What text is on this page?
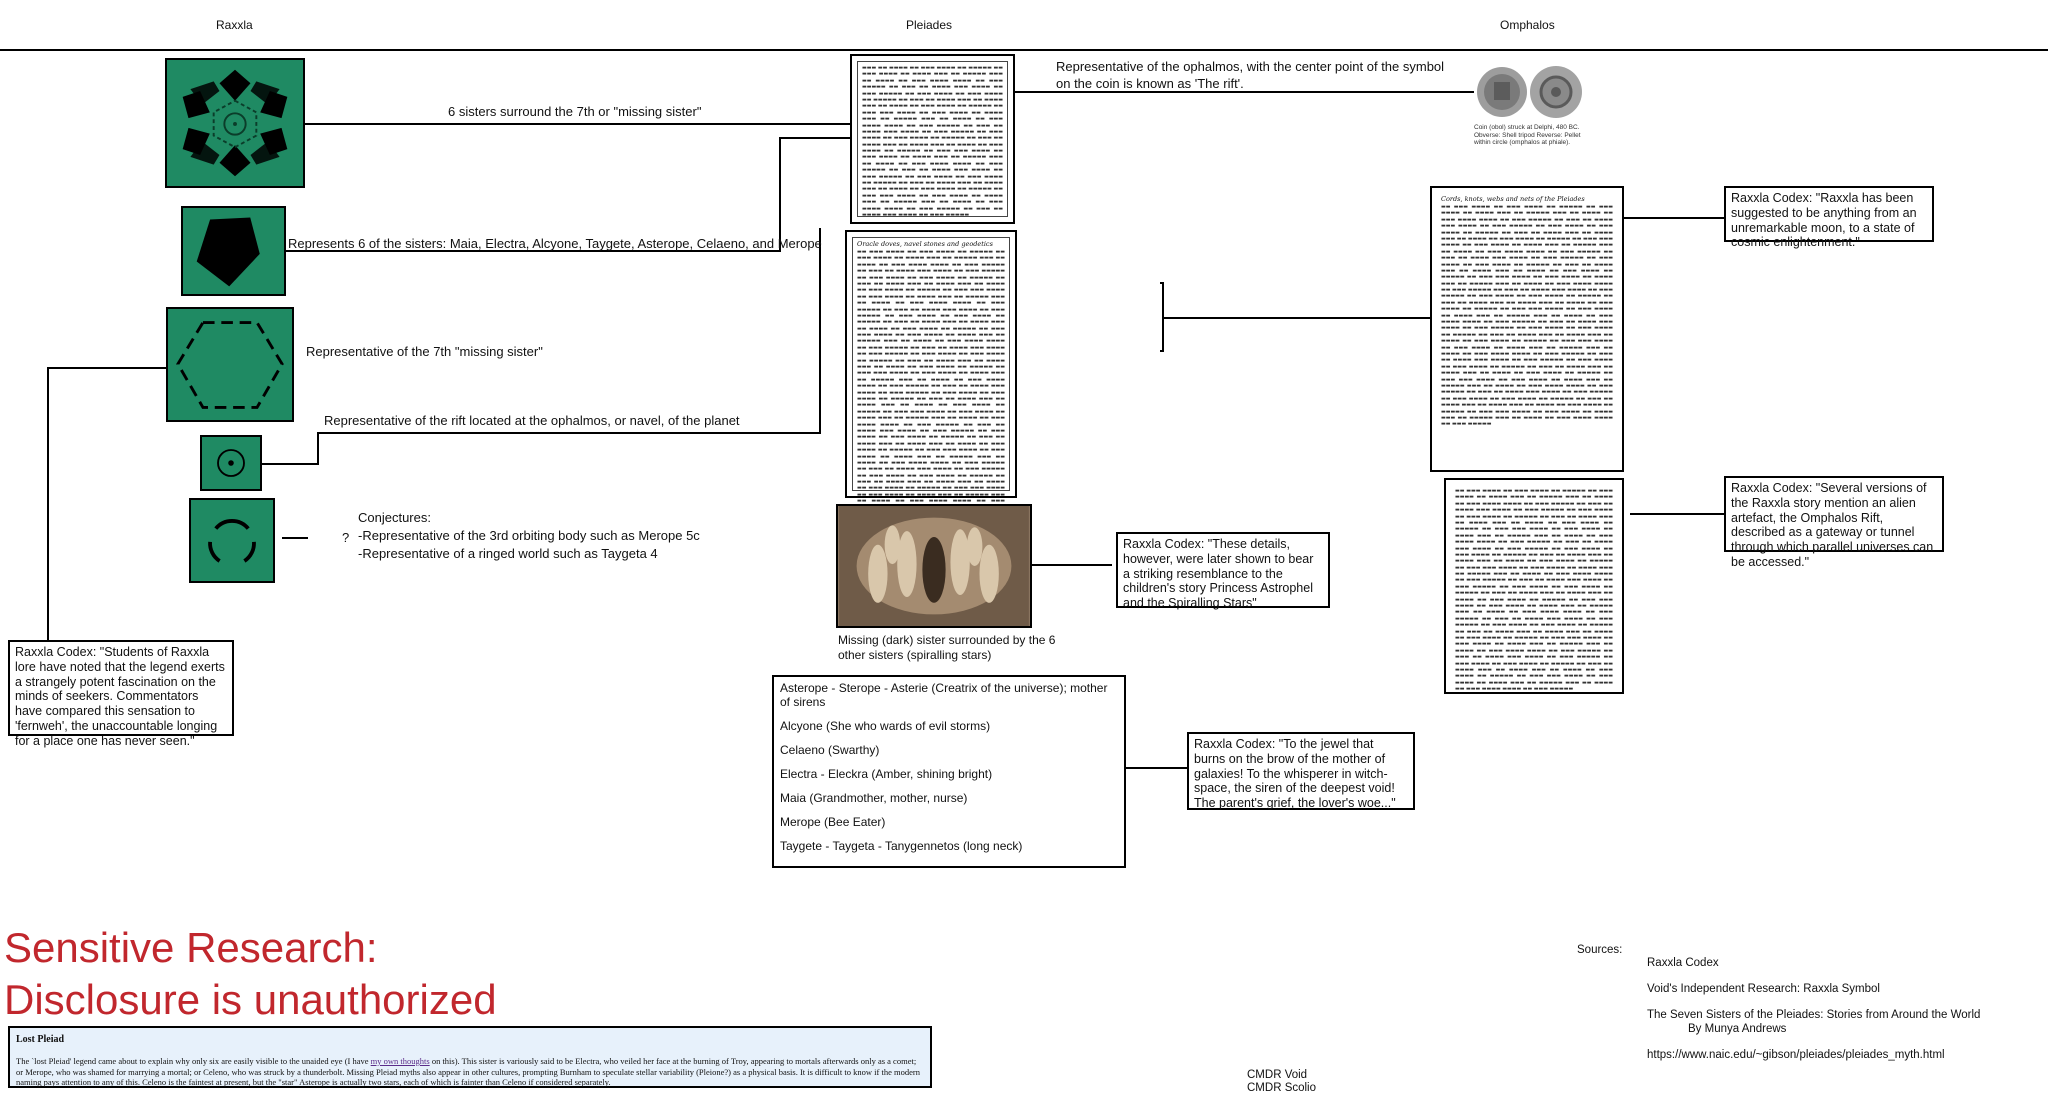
Raxxla	Pleiades	Omphalos
6 sisters surround the 7th or "missing sister"
Represents 6 of the sisters: Maia, Electra, Alcyone, Taygete, Asterope, Celaeno, and Merope
Representative of the 7th "missing sister"
Representative of the rift located at the ophalmos, or navel, of the planet
?
Conjectures:
-Representative of the 3rd orbiting body such as Merope 5c
-Representative of a ringed world such as Taygeta 4
Raxxla Codex: "Students of Raxxla lore have noted that the legend exerts a strangely potent fascination on the minds of seekers. Commentators have compared this sensation to 'fernweh', the unaccountable longing for a place one has never seen."
▬▬▬ ▬▬ ▬▬▬▬ ▬▬ ▬▬▬ ▬▬▬▬ ▬▬ ▬▬▬▬▬ ▬▬ ▬▬▬ ▬▬▬▬ ▬▬ ▬▬▬▬ ▬▬▬ ▬▬ ▬▬▬▬▬ ▬▬▬ ▬▬ ▬▬▬▬ ▬▬ ▬▬▬ ▬▬▬▬ ▬▬▬▬ ▬▬ ▬▬▬ ▬▬▬▬▬ ▬▬ ▬▬▬ ▬▬ ▬▬▬▬ ▬▬▬ ▬▬▬▬ ▬▬ ▬▬▬ ▬▬▬▬▬ ▬▬ ▬▬▬ ▬▬▬▬ ▬▬ ▬▬▬ ▬▬▬▬ ▬▬ ▬▬▬▬▬ ▬▬ ▬▬▬ ▬▬ ▬▬▬▬ ▬▬▬ ▬▬ ▬▬▬▬ ▬▬▬ ▬▬ ▬▬▬▬ ▬▬ ▬▬▬ ▬▬▬▬ ▬▬ ▬▬▬▬▬ ▬▬ ▬▬▬ ▬▬▬ ▬▬▬▬ ▬▬ ▬▬▬ ▬▬▬▬ ▬▬ ▬▬▬▬ ▬▬▬ ▬▬ ▬▬▬▬▬ ▬▬▬ ▬▬ ▬▬▬▬ ▬▬ ▬▬▬ ▬▬▬▬ ▬▬▬▬ ▬▬ ▬▬▬ ▬▬▬▬▬ ▬▬ ▬▬▬ ▬▬ ▬▬▬▬ ▬▬▬ ▬▬▬▬ ▬▬ ▬▬▬ ▬▬▬▬▬ ▬▬ ▬▬▬ ▬▬▬▬ ▬▬ ▬▬▬ ▬▬▬▬ ▬▬ ▬▬▬▬▬ ▬▬ ▬▬▬ ▬▬ ▬▬▬▬ ▬▬▬ ▬▬ ▬▬▬▬ ▬▬▬ ▬▬ ▬▬▬▬ ▬▬ ▬▬▬ ▬▬▬▬ ▬▬ ▬▬▬▬▬ ▬▬ ▬▬▬ ▬▬▬ ▬▬▬▬ ▬▬ ▬▬▬ ▬▬▬▬ ▬▬ ▬▬▬▬ ▬▬▬ ▬▬ ▬▬▬▬▬ ▬▬▬ ▬▬ ▬▬▬▬ ▬▬ ▬▬▬ ▬▬▬▬ ▬▬▬▬ ▬▬ ▬▬▬ ▬▬▬▬▬ ▬▬ ▬▬▬ ▬▬ ▬▬▬▬ ▬▬▬ ▬▬▬▬ ▬▬ ▬▬▬ ▬▬▬▬▬ ▬▬ ▬▬▬ ▬▬▬▬ ▬▬ ▬▬▬ ▬▬▬▬ ▬▬ ▬▬▬▬▬ ▬▬ ▬▬▬ ▬▬ ▬▬▬▬ ▬▬▬ ▬▬ ▬▬▬▬ ▬▬▬ ▬▬ ▬▬▬▬ ▬▬ ▬▬▬ ▬▬▬▬ ▬▬ ▬▬▬▬▬ ▬▬ ▬▬▬ ▬▬▬ ▬▬▬▬ ▬▬ ▬▬▬ ▬▬▬▬ ▬▬ ▬▬▬▬ ▬▬▬ ▬▬ ▬▬▬▬▬ ▬▬▬ ▬▬ ▬▬▬▬ ▬▬ ▬▬▬ ▬▬▬▬ ▬▬▬▬ ▬▬ ▬▬▬ ▬▬▬▬▬ ▬▬ ▬▬▬ ▬▬ ▬▬▬▬ ▬▬▬ ▬▬▬▬ ▬▬ ▬▬▬ ▬▬▬▬▬
Oracle doves, navel stones and geodetics
▬▬ ▬▬▬ ▬▬▬▬ ▬▬ ▬▬▬ ▬▬▬▬ ▬▬ ▬▬▬▬▬ ▬▬ ▬▬▬ ▬▬▬▬ ▬▬ ▬▬▬▬ ▬▬▬ ▬▬ ▬▬▬▬▬ ▬▬▬ ▬▬ ▬▬▬▬ ▬▬ ▬▬▬ ▬▬▬▬ ▬▬▬▬ ▬▬ ▬▬▬ ▬▬▬▬▬ ▬▬ ▬▬▬ ▬▬ ▬▬▬▬ ▬▬▬ ▬▬▬▬ ▬▬ ▬▬▬ ▬▬▬▬▬ ▬▬ ▬▬▬ ▬▬▬▬ ▬▬ ▬▬▬ ▬▬▬▬ ▬▬ ▬▬▬▬▬ ▬▬ ▬▬▬ ▬▬ ▬▬▬▬ ▬▬▬ ▬▬ ▬▬▬▬ ▬▬▬ ▬▬ ▬▬▬▬ ▬▬ ▬▬▬ ▬▬▬▬ ▬▬ ▬▬▬▬▬ ▬▬ ▬▬▬ ▬▬▬ ▬▬▬▬ ▬▬ ▬▬▬ ▬▬▬▬ ▬▬ ▬▬▬▬ ▬▬▬ ▬▬ ▬▬▬▬▬ ▬▬▬ ▬▬ ▬▬▬▬ ▬▬ ▬▬▬ ▬▬▬▬ ▬▬▬▬ ▬▬ ▬▬▬ ▬▬▬▬▬ ▬▬ ▬▬▬ ▬▬ ▬▬▬▬ ▬▬▬ ▬▬▬▬ ▬▬ ▬▬▬ ▬▬▬▬▬ ▬▬ ▬▬▬ ▬▬▬▬ ▬▬ ▬▬▬ ▬▬▬▬ ▬▬ ▬▬▬▬▬ ▬▬ ▬▬▬ ▬▬ ▬▬▬▬ ▬▬▬ ▬▬ ▬▬▬▬ ▬▬▬ ▬▬ ▬▬▬▬ ▬▬ ▬▬▬ ▬▬▬▬ ▬▬ ▬▬▬▬▬ ▬▬ ▬▬▬ ▬▬▬ ▬▬▬▬ ▬▬ ▬▬▬ ▬▬▬▬ ▬▬ ▬▬▬▬ ▬▬▬ ▬▬ ▬▬▬▬▬ ▬▬▬ ▬▬ ▬▬▬▬ ▬▬ ▬▬▬ ▬▬▬▬ ▬▬▬▬ ▬▬ ▬▬▬ ▬▬▬▬▬ ▬▬ ▬▬▬ ▬▬ ▬▬▬▬ ▬▬▬ ▬▬▬▬ ▬▬ ▬▬▬ ▬▬▬▬▬ ▬▬ ▬▬▬ ▬▬▬▬ ▬▬ ▬▬▬ ▬▬▬▬ ▬▬ ▬▬▬▬▬ ▬▬ ▬▬▬ ▬▬ ▬▬▬▬ ▬▬▬ ▬▬ ▬▬▬▬ ▬▬▬ ▬▬ ▬▬▬▬ ▬▬ ▬▬▬ ▬▬▬▬ ▬▬ ▬▬▬▬▬ ▬▬ ▬▬▬ ▬▬▬ ▬▬▬▬ ▬▬ ▬▬▬ ▬▬▬▬ ▬▬ ▬▬▬▬ ▬▬▬ ▬▬ ▬▬▬▬▬ ▬▬▬ ▬▬ ▬▬▬▬ ▬▬ ▬▬▬ ▬▬▬▬ ▬▬▬▬ ▬▬ ▬▬▬ ▬▬▬▬▬ ▬▬ ▬▬▬ ▬▬ ▬▬▬▬ ▬▬▬ ▬▬▬▬ ▬▬ ▬▬▬ ▬▬▬▬▬ ▬▬ ▬▬▬ ▬▬▬▬ ▬▬ ▬▬▬ ▬▬▬▬ ▬▬ ▬▬▬▬▬ ▬▬ ▬▬▬ ▬▬ ▬▬▬▬ ▬▬▬ ▬▬ ▬▬▬▬ ▬▬▬ ▬▬ ▬▬▬▬ ▬▬ ▬▬▬ ▬▬▬▬ ▬▬ ▬▬▬▬▬ ▬▬ ▬▬▬ ▬▬▬ ▬▬▬▬ ▬▬ ▬▬▬ ▬▬▬▬ ▬▬ ▬▬▬▬ ▬▬▬ ▬▬ ▬▬▬▬▬ ▬▬▬ ▬▬ ▬▬▬▬ ▬▬ ▬▬▬ ▬▬▬▬ ▬▬▬▬ ▬▬ ▬▬▬ ▬▬▬▬▬ ▬▬ ▬▬▬ ▬▬ ▬▬▬▬ ▬▬▬ ▬▬▬▬ ▬▬ ▬▬▬ ▬▬▬▬▬ ▬▬ ▬▬▬ ▬▬▬▬ ▬▬ ▬▬▬ ▬▬▬▬ ▬▬ ▬▬▬▬▬ ▬▬ ▬▬▬ ▬▬ ▬▬▬▬ ▬▬▬ ▬▬ ▬▬▬▬ ▬▬▬ ▬▬ ▬▬▬▬ ▬▬ ▬▬▬ ▬▬▬▬ ▬▬ ▬▬▬▬▬ ▬▬ ▬▬▬ ▬▬▬ ▬▬▬▬ ▬▬ ▬▬▬ ▬▬▬▬ ▬▬ ▬▬▬▬ ▬▬▬ ▬▬ ▬▬▬▬▬ ▬▬▬ ▬▬ ▬▬▬▬ ▬▬ ▬▬▬ ▬▬▬▬ ▬▬▬▬ ▬▬ ▬▬▬ ▬▬▬▬▬ ▬▬ ▬▬▬ ▬▬ ▬▬▬▬ ▬▬▬ ▬▬▬▬ ▬▬ ▬▬▬ ▬▬▬▬▬ ▬▬ ▬▬▬ ▬▬▬▬ ▬▬ ▬▬▬ ▬▬▬▬ ▬▬ ▬▬▬▬▬ ▬▬ ▬▬▬ ▬▬ ▬▬▬▬ ▬▬▬ ▬▬ ▬▬▬▬ ▬▬▬ ▬▬ ▬▬▬▬ ▬▬ ▬▬▬ ▬▬▬▬ ▬▬ ▬▬▬▬▬ ▬▬ ▬▬▬ ▬▬▬ ▬▬▬▬ ▬▬ ▬▬▬ ▬▬▬▬ ▬▬ ▬▬▬▬ ▬▬▬ ▬▬ ▬▬▬▬▬ ▬▬▬ ▬▬ ▬▬▬▬ ▬▬ ▬▬▬ ▬▬▬▬ ▬▬▬▬ ▬▬ ▬▬▬
Missing (dark) sister surrounded by the 6 other sisters (spiralling stars)
Raxxla Codex: "These details, however, were later shown to bear a striking resemblance to the children's story Princess Astrophel and the Spiralling Stars"
Asterope - Sterope - Asterie (Creatrix of the universe); mother of sirens
Alcyone (She who wards of evil storms)
Celaeno (Swarthy)
Electra - Eleckra (Amber, shining bright)
Maia (Grandmother, mother, nurse)
Merope (Bee Eater)
Taygete - Taygeta - Tanygennetos (long neck)
Raxxla Codex: "To the jewel that burns on the brow of the mother of galaxies! To the whisperer in witch-space, the siren of the deepest void! The parent's grief, the lover's woe..."
Representative of the ophalmos, with the center point of the symbol on the coin is known as 'The rift'.
Coin (obol) struck at Delphi, 480 BC. Obverse: Shell tripod Reverse: Pellet within circle (omphalos at phiale).
Cords, knots, webs and nets of the Pleiades
▬▬ ▬▬▬ ▬▬▬▬ ▬▬ ▬▬▬ ▬▬▬▬ ▬▬ ▬▬▬▬▬ ▬▬ ▬▬▬ ▬▬▬▬ ▬▬ ▬▬▬▬ ▬▬▬ ▬▬ ▬▬▬▬▬ ▬▬▬ ▬▬ ▬▬▬▬ ▬▬ ▬▬▬ ▬▬▬▬ ▬▬▬▬ ▬▬ ▬▬▬ ▬▬▬▬▬ ▬▬ ▬▬▬ ▬▬ ▬▬▬▬ ▬▬▬ ▬▬▬▬ ▬▬ ▬▬▬ ▬▬▬▬▬ ▬▬ ▬▬▬ ▬▬▬▬ ▬▬ ▬▬▬ ▬▬▬▬ ▬▬ ▬▬▬▬▬ ▬▬ ▬▬▬ ▬▬ ▬▬▬▬ ▬▬▬ ▬▬ ▬▬▬▬ ▬▬▬ ▬▬ ▬▬▬▬ ▬▬ ▬▬▬ ▬▬▬▬ ▬▬ ▬▬▬▬▬ ▬▬ ▬▬▬ ▬▬▬ ▬▬▬▬ ▬▬ ▬▬▬ ▬▬▬▬ ▬▬ ▬▬▬▬ ▬▬▬ ▬▬ ▬▬▬▬▬ ▬▬▬ ▬▬ ▬▬▬▬ ▬▬ ▬▬▬ ▬▬▬▬ ▬▬▬▬ ▬▬ ▬▬▬ ▬▬▬▬▬ ▬▬ ▬▬▬ ▬▬ ▬▬▬▬ ▬▬▬ ▬▬▬▬ ▬▬ ▬▬▬ ▬▬▬▬▬ ▬▬ ▬▬▬ ▬▬▬▬ ▬▬ ▬▬▬ ▬▬▬▬ ▬▬ ▬▬▬▬▬ ▬▬ ▬▬▬ ▬▬ ▬▬▬▬ ▬▬▬ ▬▬ ▬▬▬▬ ▬▬▬ ▬▬ ▬▬▬▬ ▬▬ ▬▬▬ ▬▬▬▬ ▬▬ ▬▬▬▬▬ ▬▬ ▬▬▬ ▬▬▬ ▬▬▬▬ ▬▬ ▬▬▬ ▬▬▬▬ ▬▬ ▬▬▬▬ ▬▬▬ ▬▬ ▬▬▬▬▬ ▬▬▬ ▬▬ ▬▬▬▬ ▬▬ ▬▬▬ ▬▬▬▬ ▬▬▬▬ ▬▬ ▬▬▬ ▬▬▬▬▬ ▬▬ ▬▬▬ ▬▬ ▬▬▬▬ ▬▬▬ ▬▬▬▬ ▬▬ ▬▬▬ ▬▬▬▬▬ ▬▬ ▬▬▬ ▬▬▬▬ ▬▬ ▬▬▬ ▬▬▬▬ ▬▬ ▬▬▬▬▬ ▬▬ ▬▬▬ ▬▬ ▬▬▬▬ ▬▬▬ ▬▬ ▬▬▬▬ ▬▬▬ ▬▬ ▬▬▬▬ ▬▬ ▬▬▬ ▬▬▬▬ ▬▬ ▬▬▬▬▬ ▬▬ ▬▬▬ ▬▬▬ ▬▬▬▬ ▬▬ ▬▬▬ ▬▬▬▬ ▬▬ ▬▬▬▬ ▬▬▬ ▬▬ ▬▬▬▬▬ ▬▬▬ ▬▬ ▬▬▬▬ ▬▬ ▬▬▬ ▬▬▬▬ ▬▬▬▬ ▬▬ ▬▬▬ ▬▬▬▬▬ ▬▬ ▬▬▬ ▬▬ ▬▬▬▬ ▬▬▬ ▬▬▬▬ ▬▬ ▬▬▬ ▬▬▬▬▬ ▬▬ ▬▬▬ ▬▬▬▬ ▬▬ ▬▬▬ ▬▬▬▬ ▬▬ ▬▬▬▬▬ ▬▬ ▬▬▬ ▬▬ ▬▬▬▬ ▬▬▬ ▬▬ ▬▬▬▬ ▬▬▬ ▬▬ ▬▬▬▬ ▬▬ ▬▬▬ ▬▬▬▬ ▬▬ ▬▬▬▬▬ ▬▬ ▬▬▬ ▬▬▬ ▬▬▬▬ ▬▬ ▬▬▬ ▬▬▬▬ ▬▬ ▬▬▬▬ ▬▬▬ ▬▬ ▬▬▬▬▬ ▬▬▬ ▬▬ ▬▬▬▬ ▬▬ ▬▬▬ ▬▬▬▬ ▬▬▬▬ ▬▬ ▬▬▬ ▬▬▬▬▬ ▬▬ ▬▬▬ ▬▬ ▬▬▬▬ ▬▬▬ ▬▬▬▬ ▬▬ ▬▬▬ ▬▬▬▬▬ ▬▬ ▬▬▬ ▬▬▬▬ ▬▬ ▬▬▬ ▬▬▬▬ ▬▬ ▬▬▬▬▬ ▬▬ ▬▬▬ ▬▬ ▬▬▬▬ ▬▬▬ ▬▬ ▬▬▬▬ ▬▬▬ ▬▬ ▬▬▬▬ ▬▬ ▬▬▬ ▬▬▬▬ ▬▬ ▬▬▬▬▬ ▬▬ ▬▬▬ ▬▬▬ ▬▬▬▬ ▬▬ ▬▬▬ ▬▬▬▬ ▬▬ ▬▬▬▬ ▬▬▬ ▬▬ ▬▬▬▬▬ ▬▬▬ ▬▬ ▬▬▬▬ ▬▬ ▬▬▬ ▬▬▬▬ ▬▬▬▬ ▬▬ ▬▬▬ ▬▬▬▬▬ ▬▬ ▬▬▬ ▬▬ ▬▬▬▬ ▬▬▬ ▬▬▬▬ ▬▬ ▬▬▬ ▬▬▬▬▬ ▬▬ ▬▬▬ ▬▬▬▬ ▬▬ ▬▬▬ ▬▬▬▬ ▬▬ ▬▬▬▬▬ ▬▬ ▬▬▬ ▬▬ ▬▬▬▬ ▬▬▬ ▬▬ ▬▬▬▬ ▬▬▬ ▬▬ ▬▬▬▬ ▬▬ ▬▬▬ ▬▬▬▬ ▬▬ ▬▬▬▬▬ ▬▬ ▬▬▬ ▬▬▬ ▬▬▬▬ ▬▬ ▬▬▬ ▬▬▬▬ ▬▬ ▬▬▬▬ ▬▬▬ ▬▬ ▬▬▬▬▬ ▬▬▬ ▬▬ ▬▬▬▬ ▬▬ ▬▬▬ ▬▬▬▬ ▬▬▬▬ ▬▬ ▬▬▬ ▬▬▬▬▬
▬▬ ▬▬▬ ▬▬▬▬ ▬▬ ▬▬▬ ▬▬▬▬ ▬▬ ▬▬▬▬▬ ▬▬ ▬▬▬ ▬▬▬▬ ▬▬ ▬▬▬▬ ▬▬▬ ▬▬ ▬▬▬▬▬ ▬▬▬ ▬▬ ▬▬▬▬ ▬▬ ▬▬▬ ▬▬▬▬ ▬▬▬▬ ▬▬ ▬▬▬ ▬▬▬▬▬ ▬▬ ▬▬▬ ▬▬ ▬▬▬▬ ▬▬▬ ▬▬▬▬ ▬▬ ▬▬▬ ▬▬▬▬▬ ▬▬ ▬▬▬ ▬▬▬▬ ▬▬ ▬▬▬ ▬▬▬▬ ▬▬ ▬▬▬▬▬ ▬▬ ▬▬▬ ▬▬ ▬▬▬▬ ▬▬▬ ▬▬ ▬▬▬▬ ▬▬▬ ▬▬ ▬▬▬▬ ▬▬ ▬▬▬ ▬▬▬▬ ▬▬ ▬▬▬▬▬ ▬▬ ▬▬▬ ▬▬▬ ▬▬▬▬ ▬▬ ▬▬▬ ▬▬▬▬ ▬▬ ▬▬▬▬ ▬▬▬ ▬▬ ▬▬▬▬▬ ▬▬▬ ▬▬ ▬▬▬▬ ▬▬ ▬▬▬ ▬▬▬▬ ▬▬▬▬ ▬▬ ▬▬▬ ▬▬▬▬▬ ▬▬ ▬▬▬ ▬▬ ▬▬▬▬ ▬▬▬ ▬▬▬▬ ▬▬ ▬▬▬ ▬▬▬▬▬ ▬▬ ▬▬▬ ▬▬▬▬ ▬▬ ▬▬▬ ▬▬▬▬ ▬▬ ▬▬▬▬▬ ▬▬ ▬▬▬ ▬▬ ▬▬▬▬ ▬▬▬ ▬▬ ▬▬▬▬ ▬▬▬ ▬▬ ▬▬▬▬ ▬▬ ▬▬▬ ▬▬▬▬ ▬▬ ▬▬▬▬▬ ▬▬ ▬▬▬ ▬▬▬ ▬▬▬▬ ▬▬ ▬▬▬ ▬▬▬▬ ▬▬ ▬▬▬▬ ▬▬▬ ▬▬ ▬▬▬▬▬ ▬▬▬ ▬▬ ▬▬▬▬ ▬▬ ▬▬▬ ▬▬▬▬ ▬▬▬▬ ▬▬ ▬▬▬ ▬▬▬▬▬ ▬▬ ▬▬▬ ▬▬ ▬▬▬▬ ▬▬▬ ▬▬▬▬ ▬▬ ▬▬▬ ▬▬▬▬▬ ▬▬ ▬▬▬ ▬▬▬▬ ▬▬ ▬▬▬ ▬▬▬▬ ▬▬ ▬▬▬▬▬ ▬▬ ▬▬▬ ▬▬ ▬▬▬▬ ▬▬▬ ▬▬ ▬▬▬▬ ▬▬▬ ▬▬ ▬▬▬▬ ▬▬ ▬▬▬ ▬▬▬▬ ▬▬ ▬▬▬▬▬ ▬▬ ▬▬▬ ▬▬▬ ▬▬▬▬ ▬▬ ▬▬▬ ▬▬▬▬ ▬▬ ▬▬▬▬ ▬▬▬ ▬▬ ▬▬▬▬▬ ▬▬▬ ▬▬ ▬▬▬▬ ▬▬ ▬▬▬ ▬▬▬▬ ▬▬▬▬ ▬▬ ▬▬▬ ▬▬▬▬▬ ▬▬ ▬▬▬ ▬▬ ▬▬▬▬ ▬▬▬ ▬▬▬▬ ▬▬ ▬▬▬ ▬▬▬▬▬ ▬▬ ▬▬▬ ▬▬▬▬ ▬▬ ▬▬▬ ▬▬▬▬ ▬▬ ▬▬▬▬▬ ▬▬ ▬▬▬ ▬▬ ▬▬▬▬ ▬▬▬ ▬▬ ▬▬▬▬ ▬▬▬ ▬▬ ▬▬▬▬ ▬▬ ▬▬▬ ▬▬▬▬ ▬▬ ▬▬▬▬▬ ▬▬ ▬▬▬ ▬▬▬ ▬▬▬▬ ▬▬ ▬▬▬ ▬▬▬▬ ▬▬ ▬▬▬▬ ▬▬▬ ▬▬ ▬▬▬▬▬ ▬▬▬ ▬▬ ▬▬▬▬ ▬▬ ▬▬▬ ▬▬▬▬ ▬▬▬▬ ▬▬ ▬▬▬ ▬▬▬▬▬ ▬▬ ▬▬▬ ▬▬ ▬▬▬▬ ▬▬▬ ▬▬▬▬ ▬▬ ▬▬▬ ▬▬▬▬▬ ▬▬ ▬▬▬ ▬▬▬▬ ▬▬ ▬▬▬ ▬▬▬▬ ▬▬ ▬▬▬▬▬ ▬▬ ▬▬▬ ▬▬ ▬▬▬▬ ▬▬▬ ▬▬ ▬▬▬▬ ▬▬▬ ▬▬ ▬▬▬▬ ▬▬ ▬▬▬ ▬▬▬▬ ▬▬ ▬▬▬▬▬ ▬▬ ▬▬▬ ▬▬▬ ▬▬▬▬ ▬▬ ▬▬▬ ▬▬▬▬ ▬▬ ▬▬▬▬ ▬▬▬ ▬▬ ▬▬▬▬▬ ▬▬▬ ▬▬ ▬▬▬▬ ▬▬ ▬▬▬ ▬▬▬▬ ▬▬▬▬ ▬▬ ▬▬▬ ▬▬▬▬▬
Raxxla Codex: "Raxxla has been suggested to be anything from an unremarkable moon, to a state of cosmic enlightenment."
Raxxla Codex: "Several versions of the Raxxla story mention an alien artefact, the Omphalos Rift, described as a gateway or tunnel through which parallel universes can be accessed."
Sensitive Research:
Disclosure is unauthorized
Lost Pleiad
The `lost Pleiad' legend came about to explain why only six are easily visible to the unaided eye (I have my own thoughts on this). This sister is variously said to be Electra, who veiled her face at the burning of Troy, appearing to mortals afterwards only as a comet; or Merope, who was shamed for marrying a mortal; or Celeno, who was struck by a thunderbolt. Missing Pleiad myths also appear in other cultures, prompting Burnham to speculate stellar variability (Pleione?) as a physical basis. It is difficult to know if the modern naming pays attention to any of this. Celeno is the faintest at present, but the "star" Asterope is actually two stars, each of which is fainter than Celeno if considered separately.
CMDR Void
CMDR Scolio
Sources:
Raxxla Codex
Void's Independent Research: Raxxla Symbol
The Seven Sisters of the Pleiades: Stories from Around the World
By Munya Andrews
https://www.naic.edu/~gibson/pleiades/pleiades_myth.html
